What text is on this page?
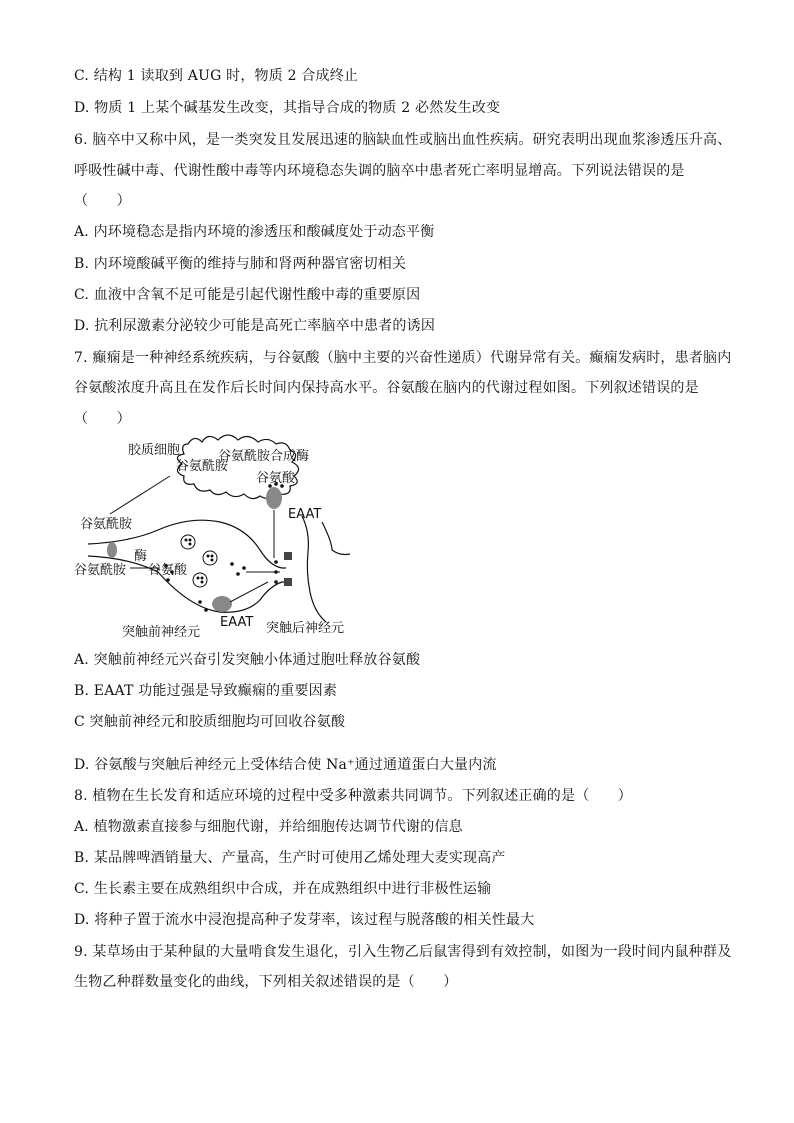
C. 结构 1 读取到 AUG 时，物质 2 合成终止
D. 物质 1 上某个碱基发生改变，其指导合成的物质 2 必然发生改变
6. 脑卒中又称中风，是一类突发且发展迅速的脑缺血性或脑出血性疾病。研究表明出现血浆渗透压升高、
呼吸性碱中毒、代谢性酸中毒等内环境稳态失调的脑卒中患者死亡率明显增高。下列说法错误的是
（　　）
A. 内环境稳态是指内环境的渗透压和酸碱度处于动态平衡
B. 内环境酸碱平衡的维持与肺和肾两种器官密切相关
C. 血液中含氧不足可能是引起代谢性酸中毒的重要原因
D. 抗利尿激素分泌较少可能是高死亡率脑卒中患者的诱因
7. 癫痫是一种神经系统疾病，与谷氨酸（脑中主要的兴奋性递质）代谢异常有关。癫痫发病时，患者脑内
谷氨酸浓度升高且在发作后长时间内保持高水平。谷氨酸在脑内的代谢过程如图。下列叙述错误的是
（　　）
胶质细胞	谷氨酰胺合成酶
谷氨酰胺
谷氨酸
EAAT
谷氨酰胺
谷氨酰胺
酶
谷氨酸
EAAT
突触前神经元	突触后神经元
A. 突触前神经元兴奋引发突触小体通过胞吐释放谷氨酸
B. EAAT 功能过强是导致癫痫的重要因素
C 突触前神经元和胶质细胞均可回收谷氨酸
D. 谷氨酸与突触后神经元上受体结合使 Na⁺通过通道蛋白大量内流
8. 植物在生长发育和适应环境的过程中受多种激素共同调节。下列叙述正确的是（　　）
A. 植物激素直接参与细胞代谢，并给细胞传达调节代谢的信息
B. 某品牌啤酒销量大、产量高，生产时可使用乙烯处理大麦实现高产
C. 生长素主要在成熟组织中合成，并在成熟组织中进行非极性运输
D. 将种子置于流水中浸泡提高种子发芽率，该过程与脱落酸的相关性最大
9. 某草场由于某种鼠的大量啃食发生退化，引入生物乙后鼠害得到有效控制，如图为一段时间内鼠种群及
生物乙种群数量变化的曲线，下列相关叙述错误的是（　　）
